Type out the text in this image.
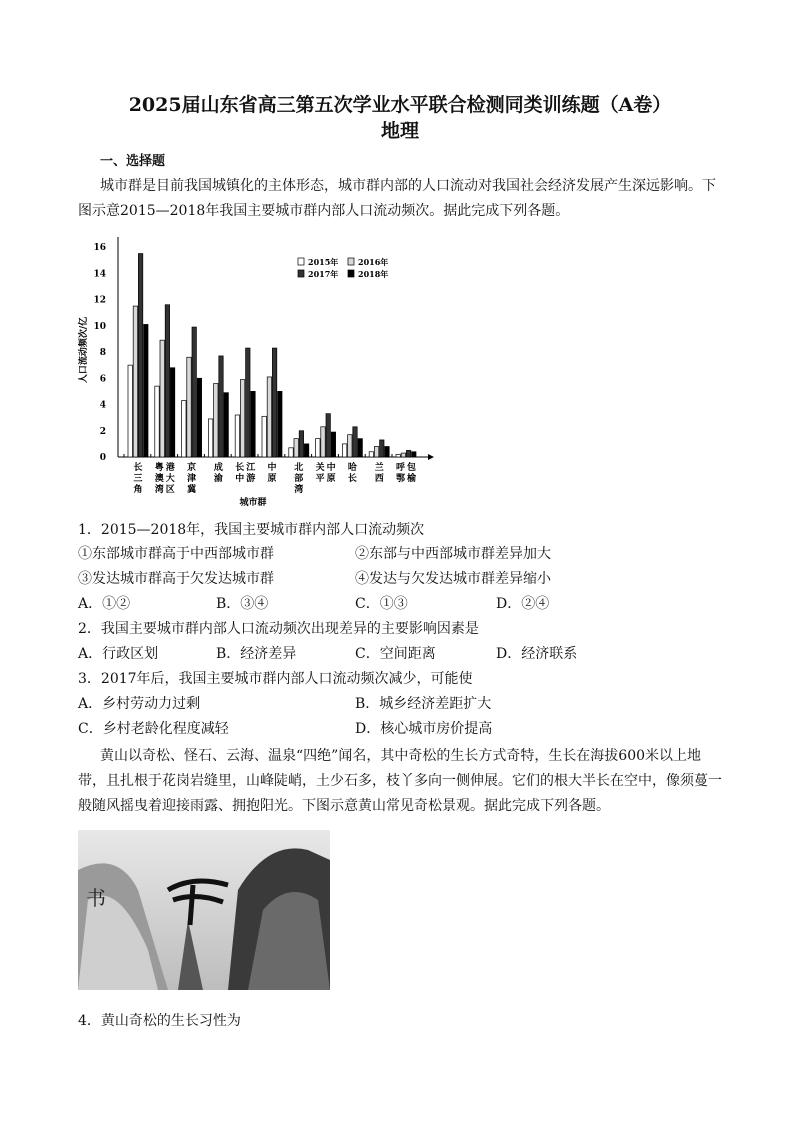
2025届山东省高三第五次学业水平联合检测同类训练题（A卷）
地理
一、选择题
城市群是目前我国城镇化的主体形态，城市群内部的人口流动对我国社会经济发展产生深远影响。下
图示意2015—2018年我国主要城市群内部人口流动频次。据此完成下列各题。
0
2
4
6
8
10
12
14
16
人口流动频次/亿
长
三
角
粤港
澳大
湾区
京
津
冀
成
渝
长江
中游
中
原
北
部
湾
关中
平原
哈
长
兰
西
呼包
鄂榆
城市群
2015年 2016年
2017年 2018年
1．2015—2018年，我国主要城市群内部人口流动频次
①东部城市群高于中西部城市群	②东部与中西部城市群差异加大
③发达城市群高于欠发达城市群	④发达与欠发达城市群差异缩小
A．①②	B．③④	C．①③	D．②④
2．我国主要城市群内部人口流动频次出现差异的主要影响因素是
A．行政区划	B．经济差异	C．空间距离	D．经济联系
3．2017年后，我国主要城市群内部人口流动频次减少，可能使
A．乡村劳动力过剩	B．城乡经济差距扩大
C．乡村老龄化程度减轻	D．核心城市房价提高
黄山以奇松、怪石、云海、温泉“四绝”闻名，其中奇松的生长方式奇特，生长在海拔600米以上地
带，且扎根于花岗岩缝里，山峰陡峭，土少石多，枝丫多向一侧伸展。它们的根大半长在空中，像须蔓一
般随风摇曳着迎接雨露、拥抱阳光。下图示意黄山常见奇松景观。据此完成下列各题。
书
4．黄山奇松的生长习性为
